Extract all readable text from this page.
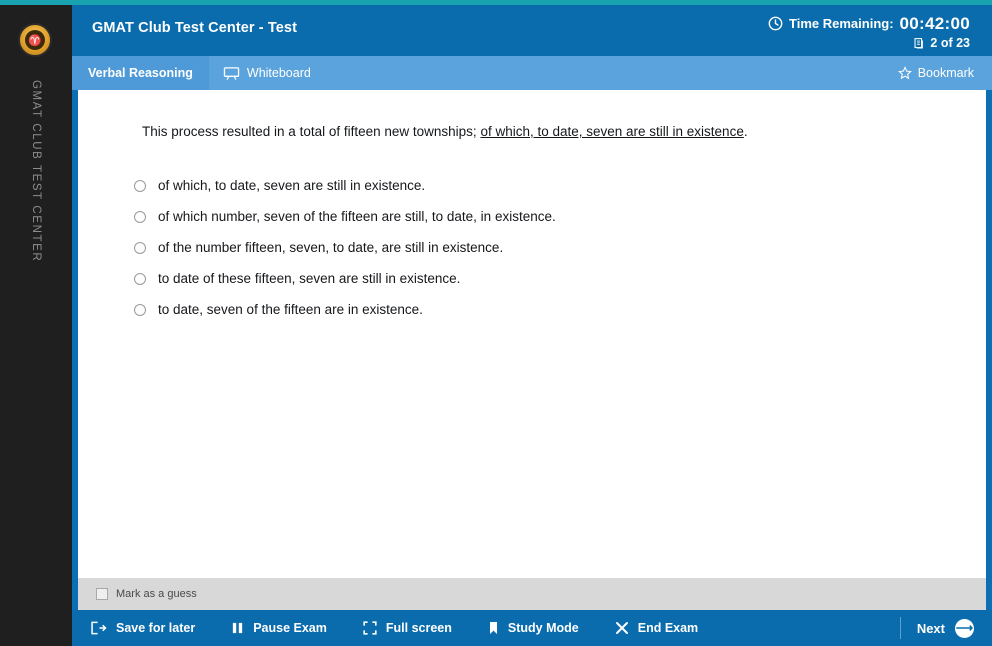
♈
GMAT CLUB TEST CENTER
GMAT Club Test Center - Test	Time Remaining: 00:42:00
2 of 23
Verbal Reasoning	Whiteboard	Bookmark
This process resulted in a total of fifteen new townships; of which, to date, seven are still in existence.
of which, to date, seven are still in existence.
of which number, seven of the fifteen are still, to date, in existence.
of the number fifteen, seven, to date, are still in existence.
to date of these fifteen, seven are still in existence.
to date, seven of the fifteen are in existence.
Mark as a guess
Save for later	Pause Exam	Full screen	Study Mode	End Exam	Next ⟶
